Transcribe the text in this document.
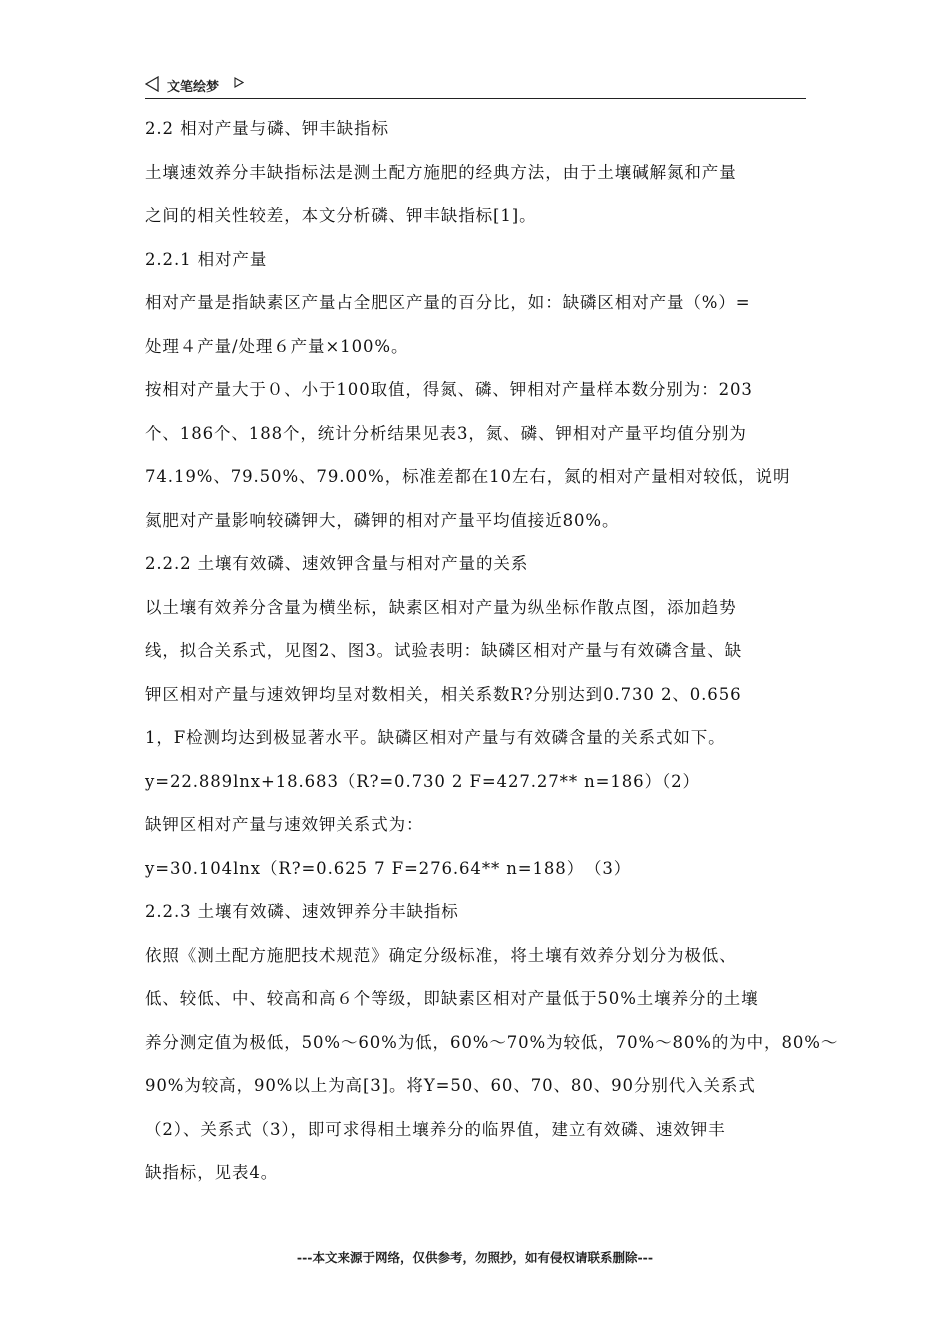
文笔绘梦
2.2 相对产量与磷、钾丰缺指标
土壤速效养分丰缺指标法是测土配方施肥的经典方法，由于土壤碱解氮和产量
之间的相关性较差，本文分析磷、钾丰缺指标[1]。
2.2.1 相对产量
相对产量是指缺素区产量占全肥区产量的百分比，如：缺磷区相对产量（%）=
处理４产量/处理６产量×100%。
按相对产量大于０、小于100取值，得氮、磷、钾相对产量样本数分别为：203
个、186个、188个，统计分析结果见表3，氮、磷、钾相对产量平均值分别为
74.19%、79.50%、79.00%，标准差都在10左右，氮的相对产量相对较低，说明
氮肥对产量影响较磷钾大，磷钾的相对产量平均值接近80%。
2.2.2 土壤有效磷、速效钾含量与相对产量的关系
以土壤有效养分含量为横坐标，缺素区相对产量为纵坐标作散点图，添加趋势
线，拟合关系式，见图2、图3。试验表明：缺磷区相对产量与有效磷含量、缺
钾区相对产量与速效钾均呈对数相关，相关系数R?分别达到0.730 2、0.656
1，F检测均达到极显著水平。缺磷区相对产量与有效磷含量的关系式如下。
y=22.889lnx+18.683（R?=0.730 2 F=427.27** n=186）（2）
缺钾区相对产量与速效钾关系式为：
y=30.104lnx（R?=0.625 7 F=276.64** n=188）　（3）
2.2.3 土壤有效磷、速效钾养分丰缺指标
依照《测土配方施肥技术规范》确定分级标准，将土壤有效养分划分为极低、
低、较低、中、较高和高６个等级，即缺素区相对产量低于50%土壤养分的土壤
养分测定值为极低，50%～60%为低，60%～70%为较低，70%～80%的为中，80%～
90%为较高，90%以上为高[3]。将Y=50、60、70、80、90分别代入关系式
（2）、关系式（3），即可求得相土壤养分的临界值，建立有效磷、速效钾丰
缺指标，见表4。
---本文来源于网络，仅供参考，勿照抄，如有侵权请联系删除---
